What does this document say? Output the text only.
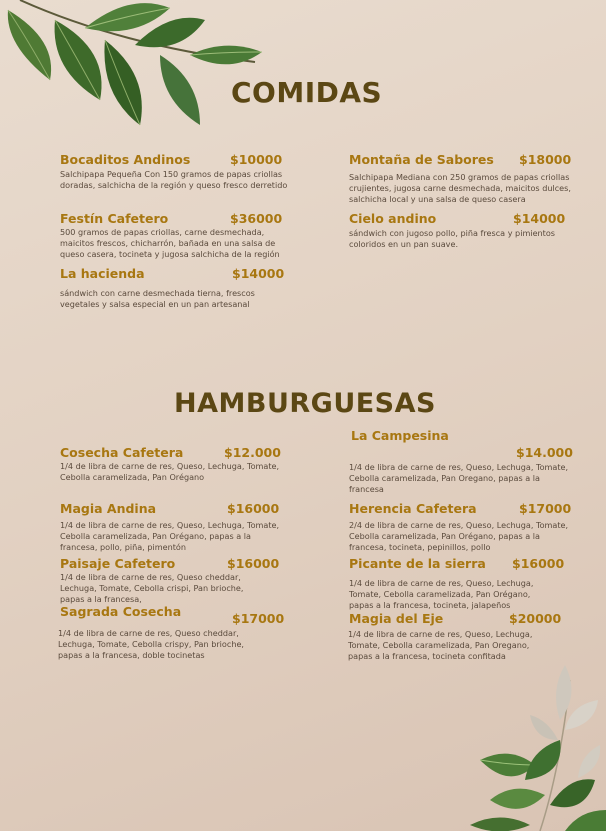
COMIDAS
Bocaditos Andinos	$10000
Salchipapa Pequeña Con 150 gramos de papas criollas doradas, salchicha de la región y queso fresco derretido
Festín Cafetero	$36000
500 gramos de papas criollas, carne desmechada, maicitos frescos, chicharrón, bañada en una salsa de queso casera, tocineta y jugosa salchicha de la región
La hacienda	$14000
sándwich con carne desmechada tierna, frescos vegetales y salsa especial en un pan artesanal
Montaña de Sabores $18000
Salchipapa Mediana con 250 gramos de papas criollas crujientes, jugosa carne desmechada, maicitos dulces, salchicha local y una salsa de queso casera
Cielo andino	$14000
sándwich con jugoso pollo, piña fresca y pimientos coloridos en un pan suave.
HAMBURGUESAS
Cosecha Cafetera	$12.000
1/4 de libra de carne de res, Queso, Lechuga, Tomate, Cebolla caramelizada, Pan Orégano
Magia Andina	$16000
1/4 de libra de carne de res, Queso, Lechuga, Tomate, Cebolla caramelizada, Pan Orégano, papas a la francesa, pollo, piña, pimentón
Paisaje Cafetero	$16000
1/4 de libra de carne de res, Queso cheddar, Lechuga, Tomate, Cebolla crispi, Pan brioche, papas a la francesa,
Sagrada Cosecha	$17000
1/4 de libra de carne de res, Queso cheddar, Lechuga, Tomate, Cebolla crispy, Pan brioche, papas a la francesa, doble tocinetas
La Campesina
$14.000
1/4 de libra de carne de res, Queso, Lechuga, Tomate, Cebolla caramelizada, Pan Oregano, papas a la francesa
Herencia Cafetera	$17000
2/4 de libra de carne de res, Queso, Lechuga, Tomate, Cebolla caramelizada, Pan Orégano, papas a la francesa, tocineta, pepinillos, pollo
Picante de la sierra $16000
1/4 de libra de carne de res, Queso, Lechuga, Tomate, Cebolla caramelizada, Pan Orégano, papas a la francesa, tocineta, jalapeños
Magia del Eje	$20000
1/4 de libra de carne de res, Queso, Lechuga, Tomate, Cebolla caramelizada, Pan Oregano, papas a la francesa, tocineta confitada
